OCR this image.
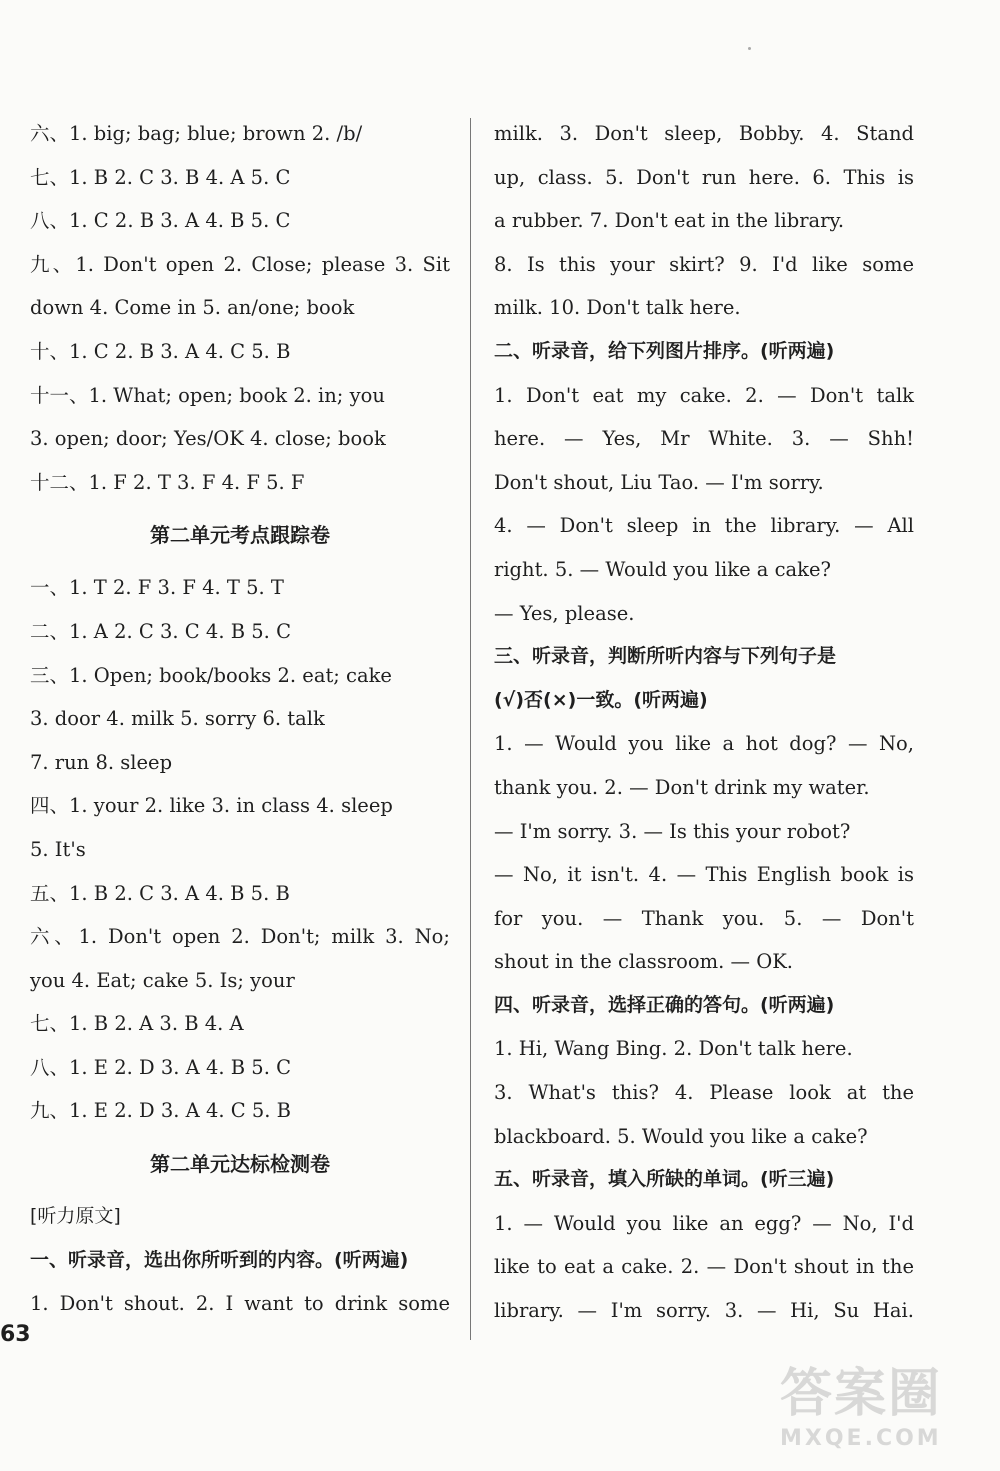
六、1. big; bag; blue; brown 2. /b/
七、1. B 2. C 3. B 4. A 5. C
八、1. C 2. B 3. A 4. B 5. C
九、1. Don't open 2. Close; please 3. Sit
down 4. Come in 5. an/one; book
十、1. C 2. B 3. A 4. C 5. B
十一、1. What; open; book 2. in; you
3. open; door; Yes/OK 4. close; book
十二、1. F 2. T 3. F 4. F 5. F
第二单元考点跟踪卷
一、1. T 2. F 3. F 4. T 5. T
二、1. A 2. C 3. C 4. B 5. C
三、1. Open; book/books 2. eat; cake
3. door 4. milk 5. sorry 6. talk
7. run 8. sleep
四、1. your 2. like 3. in class 4. sleep
5. It's
五、1. B 2. C 3. A 4. B 5. B
六、1. Don't open 2. Don't; milk 3. No;
you 4. Eat; cake 5. Is; your
七、1. B 2. A 3. B 4. A
八、1. E 2. D 3. A 4. B 5. C
九、1. E 2. D 3. A 4. C 5. B
第二单元达标检测卷
[听力原文]
一、听录音，选出你所听到的内容。(听两遍)
1. Don't shout. 2. I want to drink some
milk. 3. Don't sleep, Bobby. 4. Stand
up, class. 5. Don't run here. 6. This is
a rubber. 7. Don't eat in the library.
8. Is this your skirt? 9. I'd like some
milk. 10. Don't talk here.
二、听录音，给下列图片排序。(听两遍)
1. Don't eat my cake. 2. — Don't talk
here. — Yes, Mr White. 3. — Shh!
Don't shout, Liu Tao. — I'm sorry.
4. — Don't sleep in the library. — All
right. 5. — Would you like a cake?
— Yes, please.
三、听录音，判断所听内容与下列句子是
(√)否(×)一致。(听两遍)
1. — Would you like a hot dog? — No,
thank you. 2. — Don't drink my water.
— I'm sorry. 3. — Is this your robot?
— No, it isn't. 4. — This English book is
for you. — Thank you. 5. — Don't
shout in the classroom. — OK.
四、听录音，选择正确的答句。(听两遍)
1. Hi, Wang Bing. 2. Don't talk here.
3. What's this? 4. Please look at the
blackboard. 5. Would you like a cake?
五、听录音，填入所缺的单词。(听三遍)
1. — Would you like an egg? — No, I'd
like to eat a cake. 2. — Don't shout in the
library. — I'm sorry. 3. — Hi, Su Hai.
63
答案圈
MXQE.COM
